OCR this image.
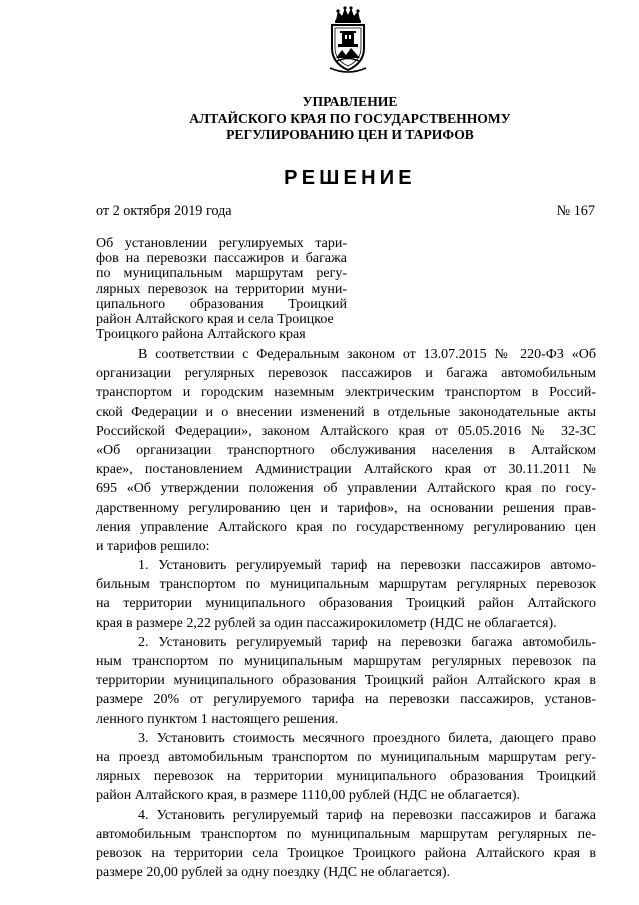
УПРАВЛЕНИЕ
АЛТАЙСКОГО КРАЯ ПО ГОСУДАРСТВЕННОМУ
РЕГУЛИРОВАНИЮ ЦЕН И ТАРИФОВ
РЕШЕНИЕ
от 2 октября 2019 года	№ 167
Об установлении регулируемых тари-
фов на перевозки пассажиров и багажа
по муниципальным маршрутам регу-
лярных перевозок на территории муни-
ципального образования Троицкий
район Алтайского края и села Троицкое
Троицкого района Алтайского края
В соответствии с Федеральным законом от 13.07.2015 № 220-ФЗ «Об
организации регулярных перевозок пассажиров и багажа автомобильным
транспортом и городским наземным электрическим транспортом в Россий-
ской Федерации и о внесении изменений в отдельные законодательные акты
Российской Федерации», законом Алтайского края от 05.05.2016 № 32-ЗС
«Об организации транспортного обслуживания населения в Алтайском
крае», постановлением Администрации Алтайского края от 30.11.2011 №
695 «Об утверждении положения об управлении Алтайского края по госу-
дарственному регулированию цен и тарифов», на основании решения прав-
ления управление Алтайского края по государственному регулированию цен
и тарифов решило:
1. Установить регулируемый тариф на перевозки пассажиров автомо-
бильным транспортом по муниципальным маршрутам регулярных перевозок
на территории муниципального образования Троицкий район Алтайского
края в размере 2,22 рублей за один пассажирокилометр (НДС не облагается).
2. Установить регулируемый тариф на перевозки багажа автомобиль-
ным транспортом по муниципальным маршрутам регулярных перевозок па
территории муниципального образования Троицкий район Алтайского края в
размере 20% от регулируемого тарифа на перевозки пассажиров, установ-
ленного пунктом 1 настоящего решения.
3. Установить стоимость месячного проездного билета, дающего право
на проезд автомобильным транспортом по муниципальным маршрутам регу-
лярных перевозок на территории муниципального образования Троицкий
район Алтайского края, в размере 1110,00 рублей (НДС не облагается).
4. Установить регулируемый тариф на перевозки пассажиров и багажа
автомобильным транспортом по муниципальным маршрутам регулярных пе-
ревозок на территории села Троицкое Троицкого района Алтайского края в
размере 20,00 рублей за одну поездку (НДС не облагается).
